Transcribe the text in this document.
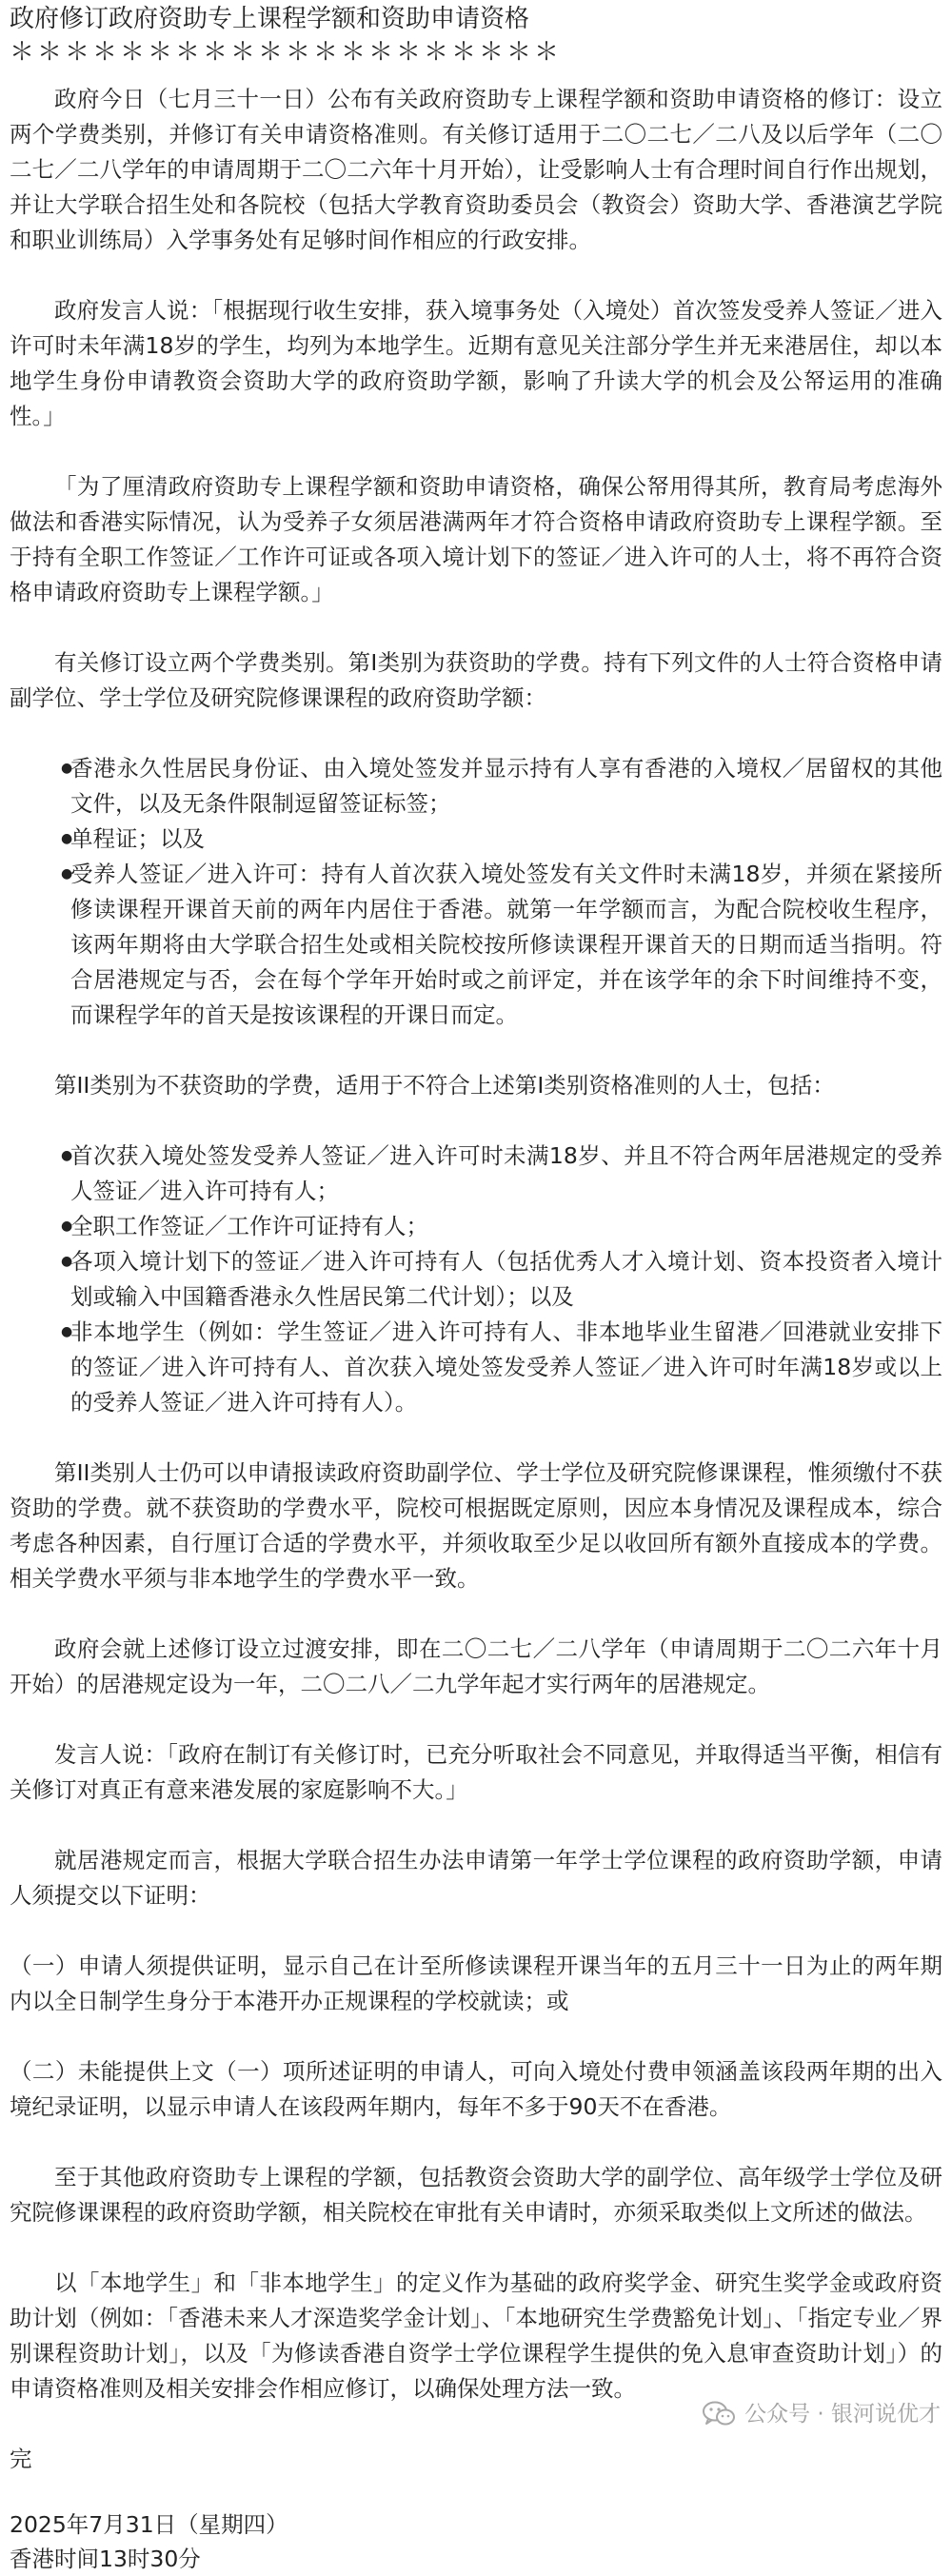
政府修订政府资助专上课程学额和资助申请资格
＊＊＊＊＊＊＊＊＊＊＊＊＊＊＊＊＊＊＊＊

政府今日（七月三十一日）公布有关政府资助专上课程学额和资助申请资格的修订：设立两个学费类别，并修订有关申请资格准则。有关修订适用于二〇二七／二八及以后学年（二〇二七／二八学年的申请周期于二〇二六年十月开始），让受影响人士有合理时间自行作出规划，并让大学联合招生处和各院校（包括大学教育资助委员会（教资会）资助大学、香港演艺学院和职业训练局）入学事务处有足够时间作相应的行政安排。

政府发言人说：「根据现行收生安排，获入境事务处（入境处）首次签发受养人签证／进入许可时未年满18岁的学生，均列为本地学生。近期有意见关注部分学生并无来港居住，却以本地学生身份申请教资会资助大学的政府资助学额，影响了升读大学的机会及公帑运用的准确性。」

「为了厘清政府资助专上课程学额和资助申请资格，确保公帑用得其所，教育局考虑海外做法和香港实际情况，认为受养子女须居港满两年才符合资格申请政府资助专上课程学额。至于持有全职工作签证／工作许可证或各项入境计划下的签证／进入许可的人士，将不再符合资格申请政府资助专上课程学额。」

有关修订设立两个学费类别。第I类别为获资助的学费。持有下列文件的人士符合资格申请副学位、学士学位及研究院修课课程的政府资助学额：

●
香港永久性居民身份证、由入境处签发并显示持有人享有香港的入境权／居留权的其他文件，以及无条件限制逗留签证标签；
●
单程证；以及
●
受养人签证／进入许可：持有人首次获入境处签发有关文件时未满18岁，并须在紧接所修读课程开课首天前的两年内居住于香港。就第一年学额而言，为配合院校收生程序，该两年期将由大学联合招生处或相关院校按所修读课程开课首天的日期而适当指明。符合居港规定与否，会在每个学年开始时或之前评定，并在该学年的余下时间维持不变，而课程学年的首天是按该课程的开课日而定。

第II类别为不获资助的学费，适用于不符合上述第I类别资格准则的人士，包括：

●
首次获入境处签发受养人签证／进入许可时未满18岁、并且不符合两年居港规定的受养人签证／进入许可持有人；
●
全职工作签证／工作许可证持有人；
●
各项入境计划下的签证／进入许可持有人（包括优秀人才入境计划、资本投资者入境计划或输入中国籍香港永久性居民第二代计划）；以及
●
非本地学生（例如：学生签证／进入许可持有人、非本地毕业生留港／回港就业安排下的签证／进入许可持有人、首次获入境处签发受养人签证／进入许可时年满18岁或以上的受养人签证／进入许可持有人）。

第II类别人士仍可以申请报读政府资助副学位、学士学位及研究院修课课程，惟须缴付不获资助的学费。就不获资助的学费水平，院校可根据既定原则，因应本身情况及课程成本，综合考虑各种因素，自行厘订合适的学费水平，并须收取至少足以收回所有额外直接成本的学费。相关学费水平须与非本地学生的学费水平一致。

政府会就上述修订设立过渡安排，即在二〇二七／二八学年（申请周期于二〇二六年十月开始）的居港规定设为一年，二〇二八／二九学年起才实行两年的居港规定。

发言人说：「政府在制订有关修订时，已充分听取社会不同意见，并取得适当平衡，相信有关修订对真正有意来港发展的家庭影响不大。」

就居港规定而言，根据大学联合招生办法申请第一年学士学位课程的政府资助学额，申请人须提交以下证明：

（一）申请人须提供证明，显示自己在计至所修读课程开课当年的五月三十一日为止的两年期内以全日制学生身分于本港开办正规课程的学校就读；或

（二）未能提供上文（一）项所述证明的申请人，可向入境处付费申领涵盖该段两年期的出入境纪录证明，以显示申请人在该段两年期内，每年不多于90天不在香港。

至于其他政府资助专上课程的学额，包括教资会资助大学的副学位、高年级学士学位及研究院修课课程的政府资助学额，相关院校在审批有关申请时，亦须采取类似上文所述的做法。

以「本地学生」和「非本地学生」的定义作为基础的政府奖学金、研究生奖学金或政府资助计划（例如：「香港未来人才深造奖学金计划」、「本地研究生学费豁免计划」、「指定专业／界别课程资助计划」，以及「为修读香港自资学士学位课程学生提供的免入息审查资助计划」）的申请资格准则及相关安排会作相应修订，以确保处理方法一致。

完
2025年7月31日（星期四）
香港时间13时30分
公众号 · 银河说优才
